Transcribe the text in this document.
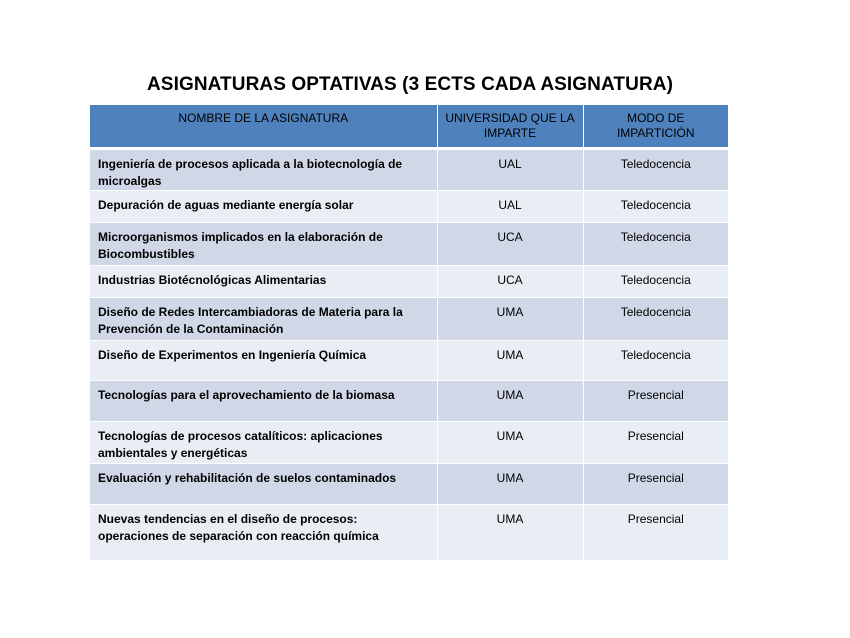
ASIGNATURAS OPTATIVAS (3 ECTS CADA ASIGNATURA)
NOMBRE DE LA ASIGNATURA	UNIVERSIDAD QUE LA IMPARTE	MODO DE IMPARTICIÓN
Ingeniería de procesos aplicada a la biotecnología de microalgas	UAL	Teledocencia
Depuración de aguas mediante energía solar	UAL	Teledocencia
Microorganismos implicados en la elaboración de Biocombustibles	UCA	Teledocencia
Industrias Biotécnológicas Alimentarias	UCA	Teledocencia
Diseño de Redes Intercambiadoras de Materia para la Prevención de la Contaminación	UMA	Teledocencia
Diseño de Experimentos en Ingeniería Química	UMA	Teledocencia
Tecnologías para el aprovechamiento de la biomasa	UMA	Presencial
Tecnologías de procesos catalíticos: aplicaciones ambientales y energéticas	UMA	Presencial
Evaluación y rehabilitación de suelos contaminados	UMA	Presencial
Nuevas tendencias en el diseño de procesos: operaciones de separación con reacción química	UMA	Presencial
